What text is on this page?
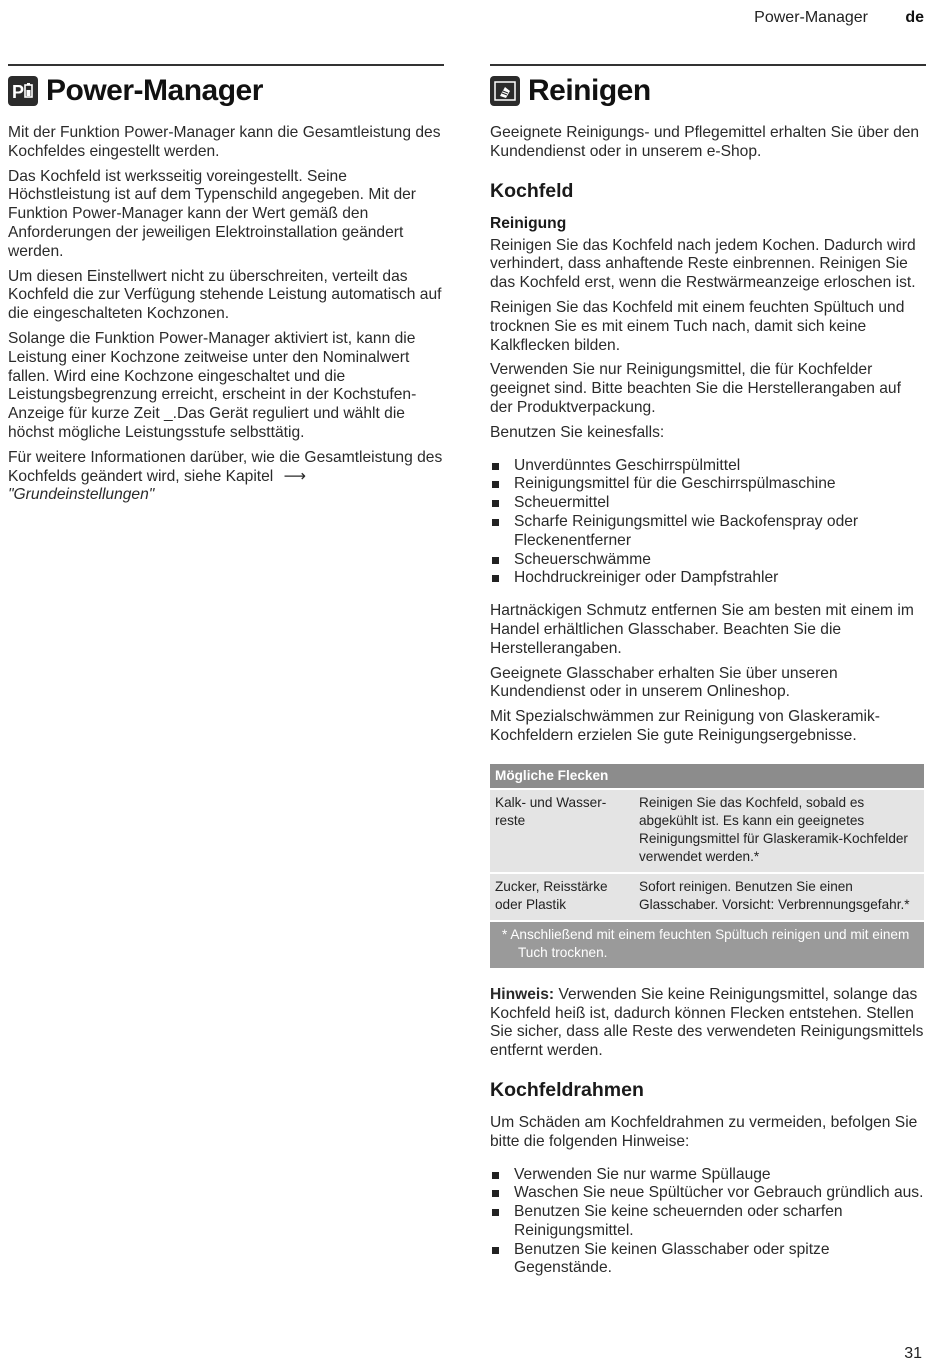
Power-Manager de
P Power-Manager

Mit der Funktion Power-Manager kann die Gesamtleistung des Kochfeldes eingestellt werden.

Das Kochfeld ist werksseitig voreingestellt. Seine Höchstleistung ist auf dem Typenschild angegeben. Mit der Funktion Power-Manager kann der Wert gemäß den Anforderungen der jeweiligen Elektroinstallation geändert werden.

Um diesen Einstellwert nicht zu überschreiten, verteilt das Kochfeld die zur Verfügung stehende Leistung automatisch auf die eingeschalteten Kochzonen.

Solange die Funktion Power-Manager aktiviert ist, kann die Leistung einer Kochzone zeitweise unter den Nominalwert fallen. Wird eine Kochzone eingeschaltet und die Leistungsbegrenzung erreicht, erscheint in der Kochstufen-Anzeige für kurze Zeit _.Das Gerät reguliert und wählt die höchst mögliche Leistungsstufe selbsttätig.

Für weitere Informationen darüber, wie die Gesamtleistung des Kochfelds geändert wird, siehe Kapitel ⟶ "Grundeinstellungen"

Reinigen

Geeignete Reinigungs- und Pflegemittel erhalten Sie über den Kundendienst oder in unserem e-Shop.

Kochfeld
Reinigung

Reinigen Sie das Kochfeld nach jedem Kochen. Dadurch wird verhindert, dass anhaftende Reste einbrennen. Reinigen Sie das Kochfeld erst, wenn die Restwärmeanzeige erloschen ist.

Reinigen Sie das Kochfeld mit einem feuchten Spültuch und trocknen Sie es mit einem Tuch nach, damit sich keine Kalkflecken bilden.

Verwenden Sie nur Reinigungsmittel, die für Kochfelder geeignet sind. Bitte beachten Sie die Herstellerangaben auf der Produktverpackung.

Benutzen Sie keinesfalls:

Unverdünntes Geschirrspülmittel
Reinigungsmittel für die Geschirrspülmaschine
Scheuermittel
Scharfe Reinigungsmittel wie Backofenspray oder Fleckenentferner
Scheuerschwämme
Hochdruckreiniger oder Dampfstrahler

Hartnäckigen Schmutz entfernen Sie am besten mit einem im Handel erhältlichen Glasschaber. Beachten Sie die Herstellerangaben.

Geeignete Glasschaber erhalten Sie über unseren Kundendienst oder in unserem Onlineshop.

Mit Spezialschwämmen zur Reinigung von Glaskeramik-Kochfeldern erzielen Sie gute Reinigungsergebnisse.

Mögliche Flecken	
Kalk- und Wasser-reste	Reinigen Sie das Kochfeld, sobald es abgekühlt ist. Es kann ein geeignetes Reinigungsmittel für Glaskeramik-Kochfelder verwendet werden.*
Zucker, Reisstärke oder Plastik	Sofort reinigen. Benutzen Sie einen Glasschaber. Vorsicht: Verbrennungsgefahr.*

* Anschließend mit einem feuchten Spültuch reinigen und mit einem Tuch trocknen.	

Hinweis: Verwenden Sie keine Reinigungsmittel, solange das Kochfeld heiß ist, dadurch können Flecken entstehen. Stellen Sie sicher, dass alle Reste des verwendeten Reinigungsmittels entfernt werden.

Kochfeldrahmen

Um Schäden am Kochfeldrahmen zu vermeiden, befolgen Sie bitte die folgenden Hinweise:

Verwenden Sie nur warme Spüllauge
Waschen Sie neue Spültücher vor Gebrauch gründlich aus.
Benutzen Sie keine scheuernden oder scharfen Reinigungsmittel.
Benutzen Sie keinen Glasschaber oder spitze Gegenstände.
31
